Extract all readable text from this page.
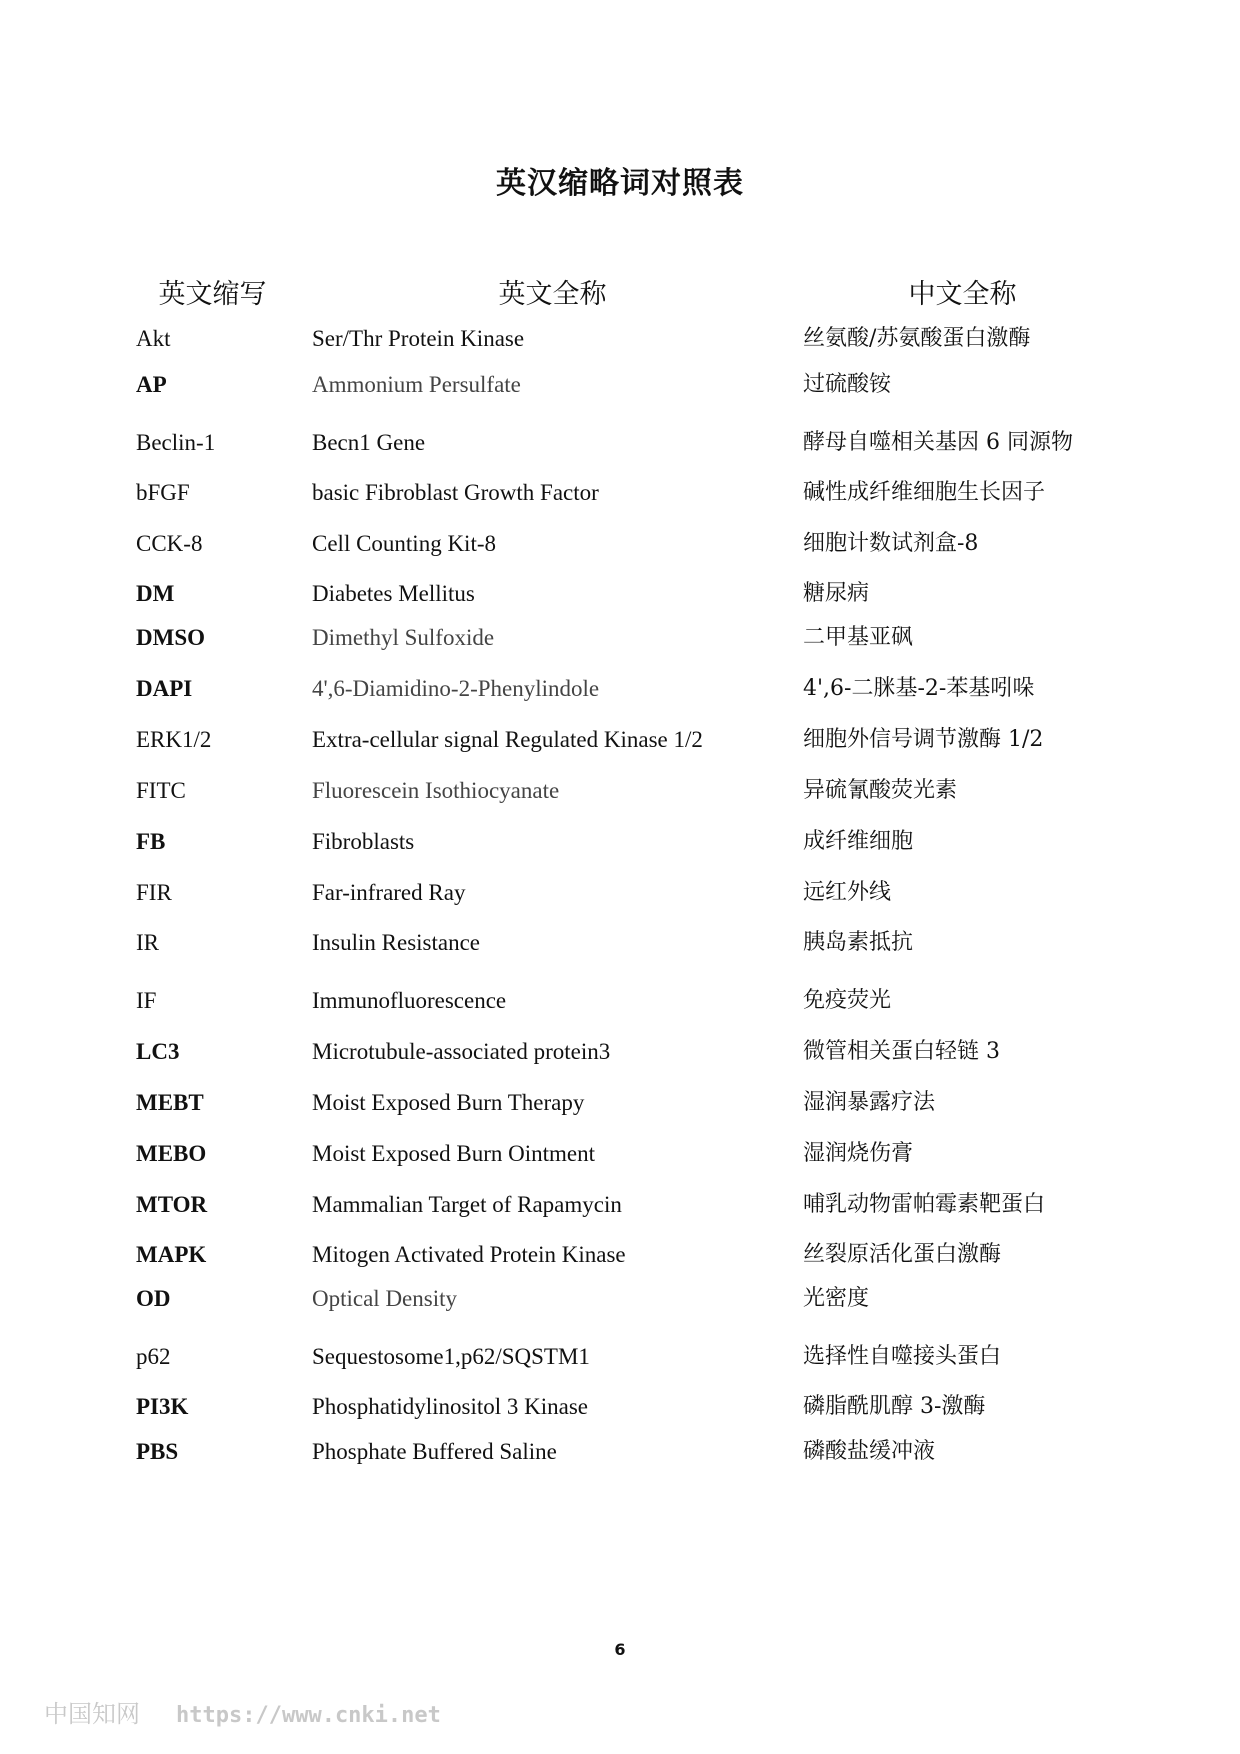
英汉缩略词对照表
英文缩写	英文全称	中文全称
Akt	Ser/Thr Protein Kinase	丝氨酸/苏氨酸蛋白激酶
AP	Ammonium Persulfate	过硫酸铵
Beclin-1	Becn1 Gene	酵母自噬相关基因 6 同源物
bFGF	basic Fibroblast Growth Factor	碱性成纤维细胞生长因子
CCK-8	Cell Counting Kit-8	细胞计数试剂盒-8
DM	Diabetes Mellitus	糖尿病
DMSO	Dimethyl Sulfoxide	二甲基亚砜
DAPI	4',6-Diamidino-2-Phenylindole	4',6-二脒基-2-苯基吲哚
ERK1/2	Extra-cellular signal Regulated Kinase 1/2	细胞外信号调节激酶 1/2
FITC	Fluorescein Isothiocyanate	异硫氰酸荧光素
FB	Fibroblasts	成纤维细胞
FIR	Far-infrared Ray	远红外线
IR	Insulin Resistance	胰岛素抵抗
IF	Immunofluorescence	免疫荧光
LC3	Microtubule-associated protein3	微管相关蛋白轻链 3
MEBT	Moist Exposed Burn Therapy	湿润暴露疗法
MEBO	Moist Exposed Burn Ointment	湿润烧伤膏
MTOR	Mammalian Target of Rapamycin	哺乳动物雷帕霉素靶蛋白
MAPK	Mitogen Activated Protein Kinase	丝裂原活化蛋白激酶
OD	Optical Density	光密度
p62	Sequestosome1,p62/SQSTM1	选择性自噬接头蛋白
PI3K	Phosphatidylinositol 3 Kinase	磷脂酰肌醇 3-激酶
PBS	Phosphate Buffered Saline	磷酸盐缓冲液
6
中国知网 https://www.cnki.net
